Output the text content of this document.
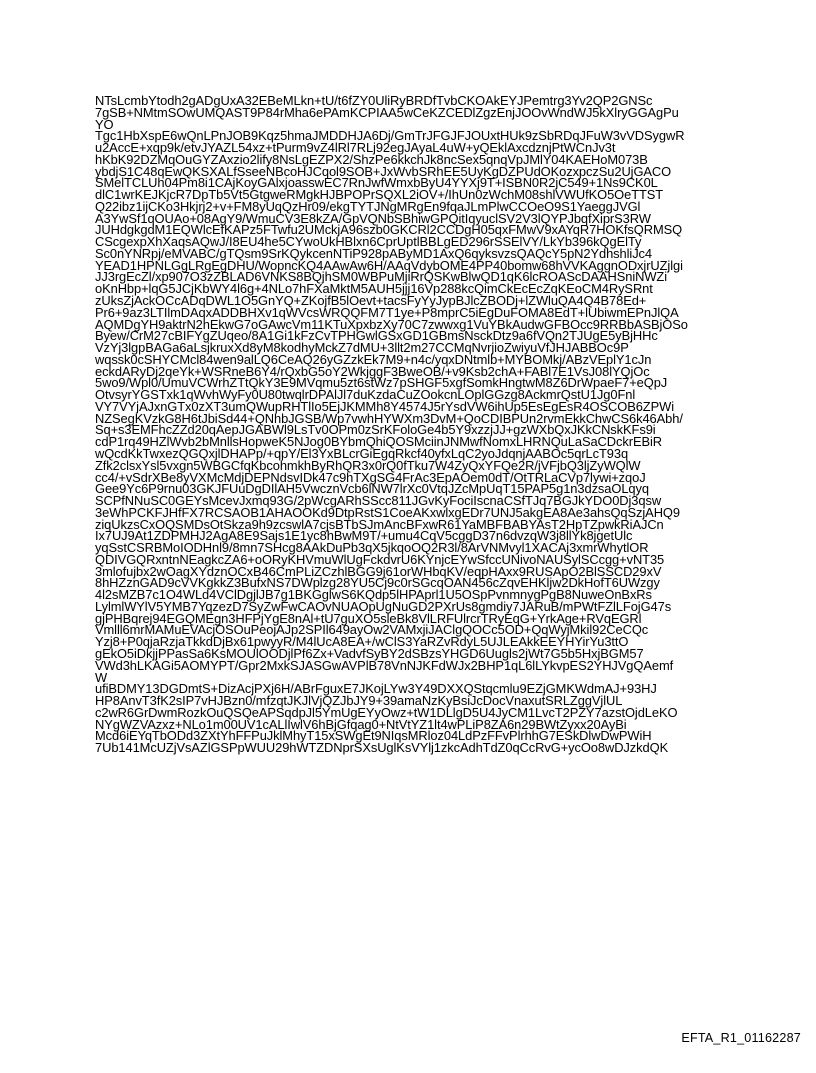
NTsLcmbYtodh2gADgUxA32EBeMLkn+tU/t6fZY0UliRyBRDfTvbCKOAkEYJPemtrg3Yv2QP2GNSc
7gSB+NMtmSOwUMQAST9P84rMha6ePAmKCPIAA5wCeKZCEDlZgzEnjJOOvWndWJ5kXlryGGAgPu
YO
Tgc1HbXspE6wQnLPnJOB9Kqz5hmaJMDDHJA6Dj/GmTrJFGJFJOUxtHUk9zSbRDqJFuW3vVDSygwR
u2AccE+xqp9k/etvJYAZL54xz+tPurm9vZ4lRl7RLj92egJAyaL4uW+yQEklAxcdznjPtWCnJv3t
hKbK92DZMqOuGYZAxzio2lify8NsLgEZPX2/ShzPe6kkchJk8ncSex5qnqVpJMlY04KAEHoM073B
ybdjS1C48qEwQKSXALfSseeNBcoHJCqol9SOB+JxWvbSRhEE5UyKgDZPUdOKozxpczSu2UjGACO
SMelTCLUh04Pm8i1CAjKoyGAlxjoasswEC7RnJwfWmxbByU4YYXj9T+ISBN0R2jC549+1Ns9CK0L
dlC1wrKEJKjcR7DpTb5Vt5GtgweRMgkHJBPOPrSQXL2iOV+/IhUn0zWchM08shlVWUfKO5OeTTST
Q22ibz1ijCKo3Hkjrj2+v+FM8yUqQzHr09/ekgTYTJNgMRgEn9fqaJLmPlwCCOeO9S1YaeggJVGl
A3YwSf1qOUAo+08AgY9/WmuCV3E8kZA/GpVQNbSBhiwGPQitIqyuclSV2V3lQYPJbqfXiprS3RW
JUHdgkgdM1EQWlcEfKAPz5FTwfu2UMckjA96szb0GKCRl2CCDgH05qxFMwV9xAYqR7HOKfsQRMSQ
CScgexpXhXaqsAQwJ/I8EU4he5CYwoUkHBlxn6CprUptlBBLgED296rSSElVY/LkYb396kQgElTy
Sc0nYNRpj/eMVABC/gTQsm9SrKQykcenNTiP928pAByMD1AxQ6qyksvzsQAQcY5pN2YdhshliJc4
YEAD1HPNLGgLRgEgDHU/WopncKQ4AAwAw6H/AAqVdybOME4PP40bomw68hVVKAggnODxjrUZjlgi
JJ3rgEcZl/xp907O3zZBLAD6VNKS8BQjhSM0WBPuMjiRrQSKwBlwQD1qK6lcROAScDAAHSniNWZi
oKnHbp+lqG5JCjKbWY4l6g+4NLo7hFXaMktM5AUH5jjj16Vp288kcQimCkEcEcZqKEoCM4RySRnt
zUksZjAckOCcADqDWL1O5GnYQ+ZKojfB5lOevt+tacsFyYyJypBJlcZBODj+lZWluQA4Q4B78Ed+
Pr6+9az3LTIlmDAqxADDBHXv1qWVcsWRQQFM7T1ye+P8mprC5iEgDuFOMA8EdT+lUbiwmEPnJlQA
AQMDgYH9aktrN2hEkwG7oGAwcVm11KTuXpxbzXy70C7zwwxg1VuYBkAudwGFBOcc9RRBbASBjOSo
Byew/CrM27cBIFYgZUqeo/8A1Gi1kFzCvTPHGwlGSxGD1GBmsNsckDtz9a6fVQn2TJUgE5yBjHHc
VzYj3lgpBAGa6aLsjkruxXd8yM8kodhyMckZ7dMU+3llt2m27CCMqNvrjioZwiyuVfJHJABBOc9P
wqssk0cSHYCMcl84wen9alLQ6CeAQ26yGZzkEk7M9+n4c/yqxDNtmlb+MYBOMkj/ABzVEplY1cJn
eckdARyDj2qeYk+WSRneB6Y4/rQxbG5oY2WkjggF3BweOB/+v9Ksb2chA+FABl7E1VsJ08lYQjOc
5wo9/Wpl0/UmuVCWrhZTtQkY3E9MVqmu5zt6stWz7pSHGF5xgfSomkHngtwM8Z6DrWpaeF7+eQpJ
OtvsyrYGSTxk1qWvhWyFy0U80twqlrDPAlJl7duKzdaCuZOokcnLOplGGzg8AckmrQstU1Jg0Fnl
VY7VYjAJxnGTx0zXT3umQWupRHTlIo5EjJKMMh8Y4574J5rYsdVW6ihUp5EsEgEsR4OSCOB6ZPWi
NZSegKVzkG8H6tJbiSd44+QNhbJGSB/Wp7vwhHYWXm3DvM+QoCDIBPUn2rvmEkkChwCS6k46Abh/
Sq+s3EMFhcZZd20qAepJGABWl9LsTv0OPm0zSrKFoloGe4b5Y9xzzjJJ+gzWXbQxJKkCNskKFs9i
cdP1rq49HZlWvb2bMnllsHopweK5NJog0BYbmQhiQOSMciinJNMwfNomxLHRNQuLaSaCDckrEBiR
wQcdKkTwxezQGQxjlDHAPp/+qpY/El3YxBLcrGiEgqRkcf40yfxLqC2yoJdqnjAABOc5qrLcT93q
Zfk2clsxYsl5vxgn5WBGCfqKbcohmkhByRhQR3x0rQ0fTku7W4ZyQxYFQe2R/jVFjbQ3ljZyWQlW
cc4/+vSdrXBe8yVXMcMdjDEPNdsvIDk47c9hTXgSG4FrAc3EpAOem0dT/OtTRLaCVp7lywi+zqoJ
Gee9Yc6P9rnu03GKJFUuDgDIlAH5VwcznVcb6lNW7lrXc0VtqJZcMpUqT15PAP5g1n3dzsaOLqyq
SCPfNNuSC0GEYsMcevJxmq93G/2pWcgARhSScc811JGvKyFociIscnaCSfTJq7BGJkYDO0Dj3qsw
3eWhPCKFJHfFX7RCSAOB1AHAOOKd9DtpRstS1CoeAKxwlxgEDr7UNJ5akgEA8Ae3ahsQqSzjAHQ9
ziqUkzsCxOQSMDsOtSkza9h9zcswlA7cjsBTbSJmAncBFxwR61YaMBFBABYAsT2HpTZpwkRiAJCn
Ix7UJ9At1ZDPMHJ2AgA8E9Sajs1E1yc8hBwM9T/+umu4CqV5cggD37n6dvzqW3j8llYk8jgetUlc
yqSstCSRBMoIODHnl9/8mn7SHcg8AAkDuPb3qX5jkqoOQ2R3l/8ArVNMvyl1XACAj3xmrWhytlOR
QDIVGQRxntnNEagkcZA6+oORyKHVmuWlUgFckdvrU6KYnjcEYwSfccUNivoNAUSylSCcgg+vNT35
3mlofujbx2wOagXYdznOCxB46CmPLiZCzhlBGG9j61orWHbqKV/eqpHAxx9RUSApO2BlSSCD29xV
8hHZznGAD9cVVKgkkZ3BufxNS7DWplzg28YU5Cj9c0rSGcqOAN456cZqvEHKljw2DkHofT6UWzgy
4l2sMZB7c1O4WLd4VClDgjlJB7g1BKGglwS6KQdp5lHPAprl1U5OSpPvnmnygPgB8NuweOnBxRs
LylmlWYlV5YMB7YqzezD7SyZwFwCAOvNUAOpUgNuGD2PXrUs8gmdiy7JARuB/mPWtFZlLFojG47s
gjPHBqrej94EGQMEgn3HFPjYgE8nAl+tU7guXO5sleBk8VlLRFUlrcrTRyEqG+YrkAge+RVqEGRl
Vmlll6mrMAMuEVAcjOSOuPeojAJp2SPIl649ayOw2VAMxjiJAClgQOCc5OD+QqWyjMkil92CeCQc
Yzj8+P0qjaRzjaTkkdDjBx61pwyyR/M4lUcA8EA+/wClS3YaRZvRdyL5UJLEAkkEEYHYirYu3ttO
gEkO5iDkjjPPasSa6KsMOUlOODjlPf6Zx+VadvfSyBY2dSBzsYHGD6Uugls2jWt7G5b5HxjBGM57
VWd3hLKAGi5AOMYPT/Gpr2MxkSJASGwAVPlB78VnNJKFdWJx2BHP1qL6lLYkvpES2YHJVgQAemf
W
ufiBDMY13DGDmtS+DizAcjPXj6H/ABrFguxE7JKojLYw3Y49DXXQStqcmlu9EZjGMKWdmAJ+93HJ
HP8AnvT3fK2sIP7vHJBzn0/mfzqtJKJlVjQZJbJY9+39amaNzKyBsiJcDocVnaxutSRLZggVjlUL
c2wR6GrDwmRozkOuQSQeAPSqdpJl5YmUgEYyOwz+tW1DLlgD5U4JyCM1LvcT2PZY7azstOjdLeKO
NYgWZVAzxz+NLo1m00UV1cALlIwlV6hBjGfqag0+NtVtYZ1lt4wPLiP8ZA6n29BWtZyxx20AyBi
Mcd6iEYqTbODd3ZXtYhFFPuJklMhyT15xSWgEt9NIqsMRloz04LdPzFFvPlrhhG7ESkDlwDwPWiH
7Ub141McUZjVsAZlGSPpWUU29hWTZDNprSXsUglKsVYlj1zkcAdhTdZ0qCcRvG+ycOo8wDJzkdQK
EFTA_R1_01162287
